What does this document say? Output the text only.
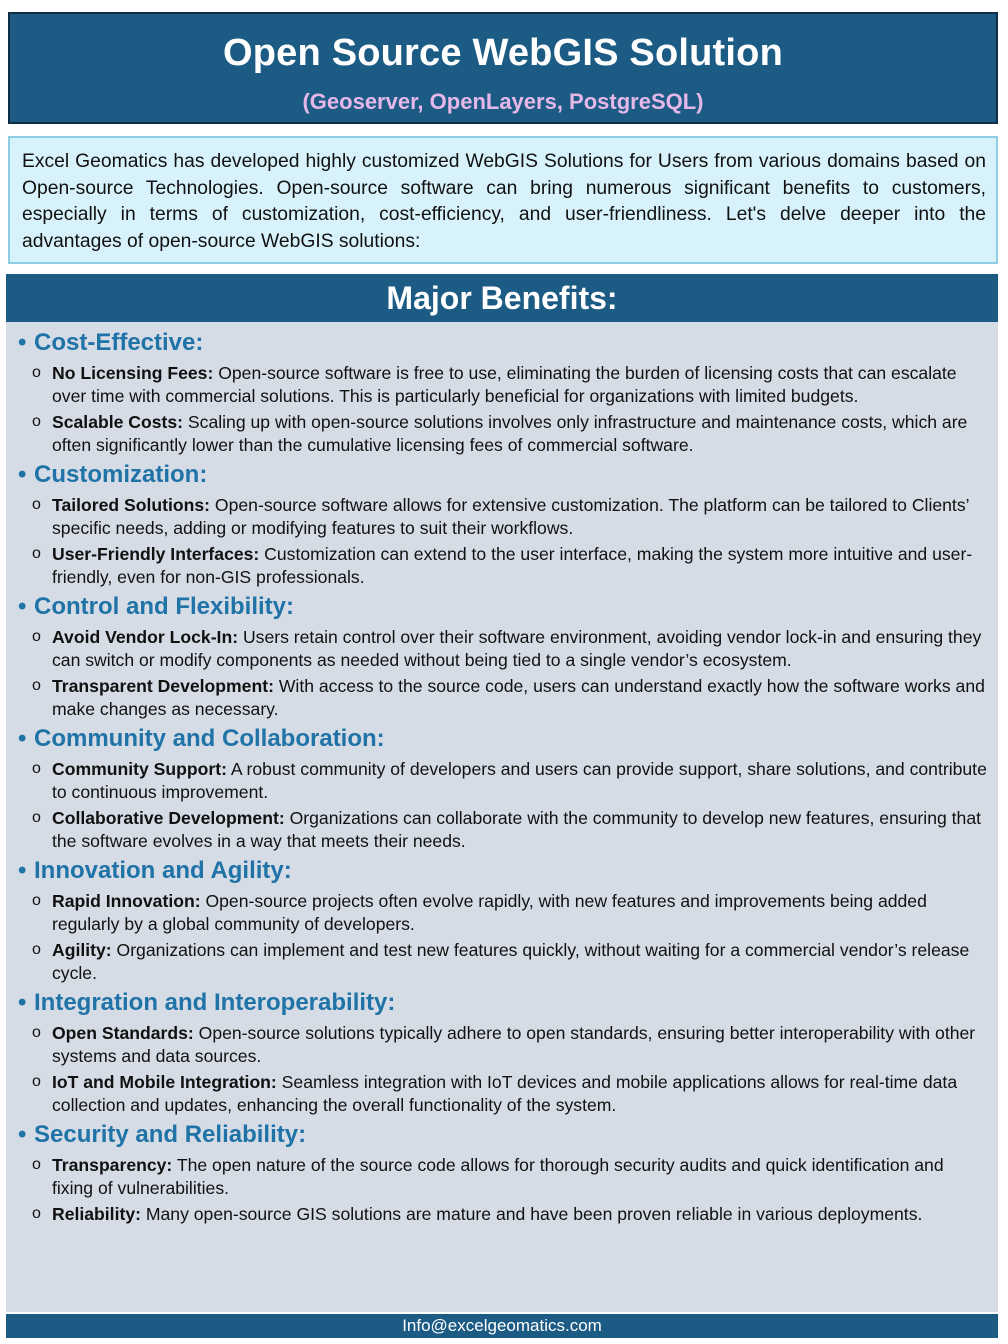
Open Source WebGIS Solution
(Geoserver, OpenLayers, PostgreSQL)

Excel Geomatics has developed highly customized WebGIS Solutions for Users from various domains based on Open-source Technologies. Open-source software can bring numerous significant benefits to customers, especially in terms of customization, cost-efficiency, and user-friendliness. Let's delve deeper into the advantages of open-source WebGIS solutions:

Major Benefits:
• Cost-Effective:
o No Licensing Fees: Open-source software is free to use, eliminating the burden of licensing costs that can escalate over time with commercial solutions. This is particularly beneficial for organizations with limited budgets.
o Scalable Costs: Scaling up with open-source solutions involves only infrastructure and maintenance costs, which are often significantly lower than the cumulative licensing fees of commercial software.
• Customization:
o Tailored Solutions: Open-source software allows for extensive customization. The platform can be tailored to Clients’ specific needs, adding or modifying features to suit their workflows.
o User-Friendly Interfaces: Customization can extend to the user interface, making the system more intuitive and user-friendly, even for non-GIS professionals.
• Control and Flexibility:
o Avoid Vendor Lock-In: Users retain control over their software environment, avoiding vendor lock-in and ensuring they can switch or modify components as needed without being tied to a single vendor’s ecosystem.
o Transparent Development: With access to the source code, users can understand exactly how the software works and make changes as necessary.
• Community and Collaboration:
o Community Support: A robust community of developers and users can provide support, share solutions, and contribute to continuous improvement.
o Collaborative Development: Organizations can collaborate with the community to develop new features, ensuring that the software evolves in a way that meets their needs.
• Innovation and Agility:
o Rapid Innovation: Open-source projects often evolve rapidly, with new features and improvements being added regularly by a global community of developers.
o Agility: Organizations can implement and test new features quickly, without waiting for a commercial vendor’s release cycle.
• Integration and Interoperability:
o Open Standards: Open-source solutions typically adhere to open standards, ensuring better interoperability with other systems and data sources.
o IoT and Mobile Integration: Seamless integration with IoT devices and mobile applications allows for real-time data collection and updates, enhancing the overall functionality of the system.
• Security and Reliability:
o Transparency: The open nature of the source code allows for thorough security audits and quick identification and fixing of vulnerabilities.
o Reliability: Many open-source GIS solutions are mature and have been proven reliable in various deployments.
Info@excelgeomatics.com
